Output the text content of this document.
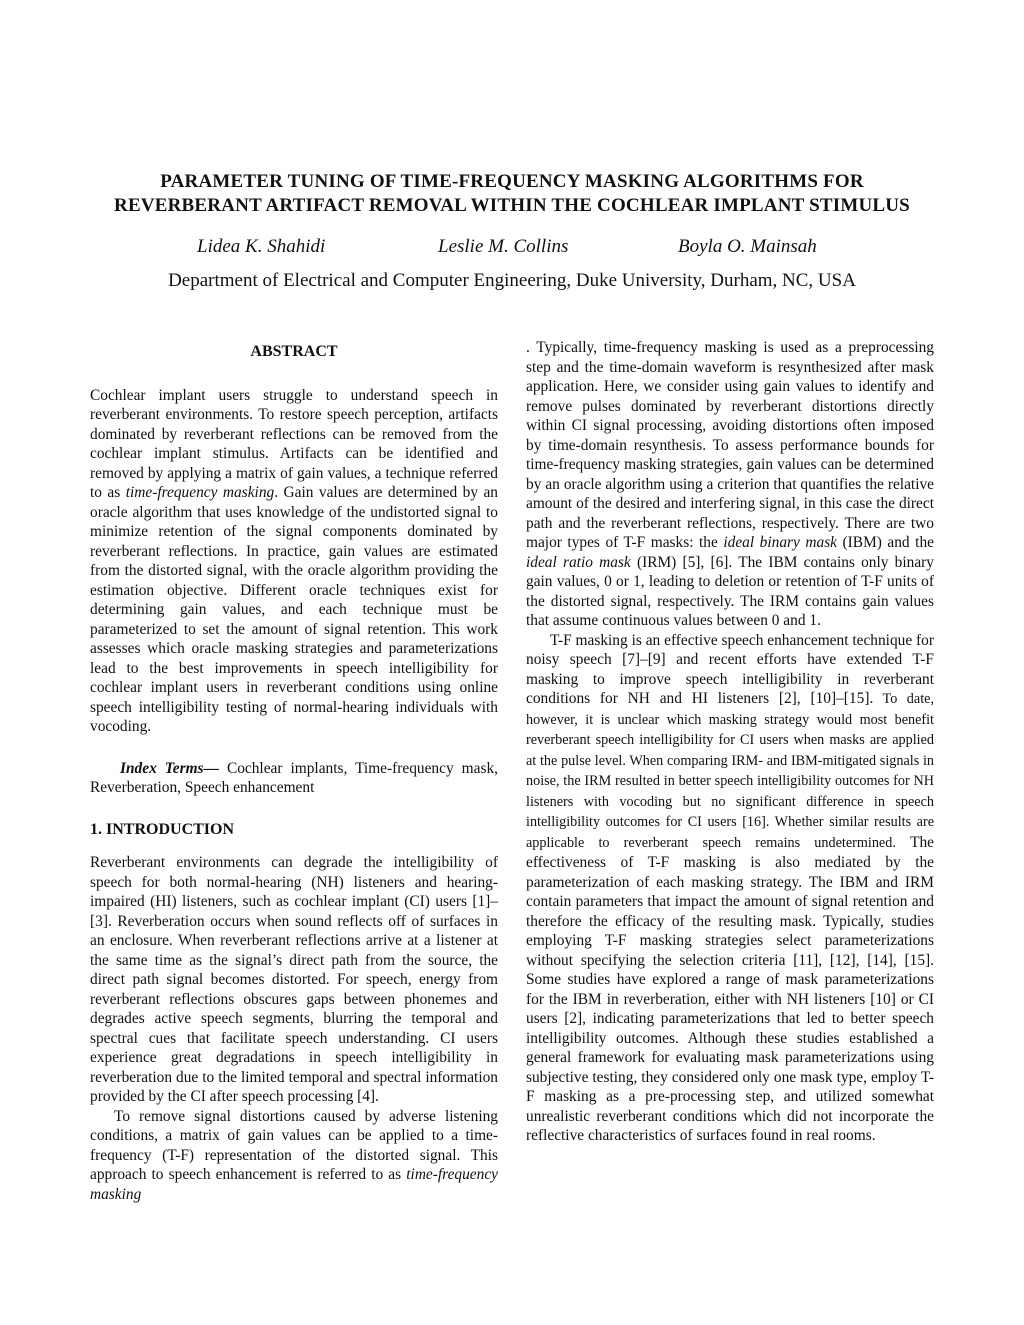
PARAMETER TUNING OF TIME-FREQUENCY MASKING ALGORITHMS FOR
REVERBERANT ARTIFACT REMOVAL WITHIN THE COCHLEAR IMPLANT STIMULUS
Lidea K. Shahidi	Leslie M. Collins	Boyla O. Mainsah
Department of Electrical and Computer Engineering, Duke University, Durham, NC, USA
ABSTRACT

Cochlear implant users struggle to understand speech in reverberant environments. To restore speech perception, artifacts dominated by reverberant reflections can be removed from the cochlear implant stimulus. Artifacts can be identified and removed by applying a matrix of gain values, a technique referred to as time-frequency masking. Gain values are determined by an oracle algorithm that uses knowledge of the undistorted signal to minimize retention of the signal components dominated by reverberant reflections. In practice, gain values are estimated from the distorted signal, with the oracle algorithm providing the estimation objective. Different oracle techniques exist for determining gain values, and each technique must be parameterized to set the amount of signal retention. This work assesses which oracle masking strategies and parameterizations lead to the best improvements in speech intelligibility for cochlear implant users in reverberant conditions using online speech intelligibility testing of normal-hearing individuals with vocoding.

Index Terms— Cochlear implants, Time-frequency mask, Reverberation, Speech enhancement

1. INTRODUCTION

Reverberant environments can degrade the intelligibility of speech for both normal-hearing (NH) listeners and hearing-impaired (HI) listeners, such as cochlear implant (CI) users [1]–[3]. Reverberation occurs when sound reflects off of surfaces in an enclosure. When reverberant reflections arrive at a listener at the same time as the signal’s direct path from the source, the direct path signal becomes distorted. For speech, energy from reverberant reflections obscures gaps between phonemes and degrades active speech segments, blurring the temporal and spectral cues that facilitate speech understanding. CI users experience great degradations in speech intelligibility in reverberation due to the limited temporal and spectral information provided by the CI after speech processing [4].

To remove signal distortions caused by adverse listening conditions, a matrix of gain values can be applied to a time-frequency (T-F) representation of the distorted signal. This approach to speech enhancement is referred to as time-frequency masking

. Typically, time-frequency masking is used as a preprocessing step and the time-domain waveform is resynthesized after mask application. Here, we consider using gain values to identify and remove pulses dominated by reverberant distortions directly within CI signal processing, avoiding distortions often imposed by time-domain resynthesis. To assess performance bounds for time-frequency masking strategies, gain values can be determined by an oracle algorithm using a criterion that quantifies the relative amount of the desired and interfering signal, in this case the direct path and the reverberant reflections, respectively. There are two major types of T-F masks: the ideal binary mask (IBM) and the ideal ratio mask (IRM) [5], [6]. The IBM contains only binary gain values, 0 or 1, leading to deletion or retention of T-F units of the distorted signal, respectively. The IRM contains gain values that assume continuous values between 0 and 1.

T-F masking is an effective speech enhancement technique for noisy speech [7]–[9] and recent efforts have extended T-F masking to improve speech intelligibility in reverberant conditions for NH and HI listeners [2], [10]–[15]. To date, however, it is unclear which masking strategy would most benefit reverberant speech intelligibility for CI users when masks are applied at the pulse level. When comparing IRM- and IBM-mitigated signals in noise, the IRM resulted in better speech intelligibility outcomes for NH listeners with vocoding but no significant difference in speech intelligibility outcomes for CI users [16]. Whether similar results are applicable to reverberant speech remains undetermined. The effectiveness of T-F masking is also mediated by the parameterization of each masking strategy. The IBM and IRM contain parameters that impact the amount of signal retention and therefore the efficacy of the resulting mask. Typically, studies employing T-F masking strategies select parameterizations without specifying the selection criteria [11], [12], [14], [15]. Some studies have explored a range of mask parameterizations for the IBM in reverberation, either with NH listeners [10] or CI users [2], indicating parameterizations that led to better speech intelligibility outcomes. Although these studies established a general framework for evaluating mask parameterizations using subjective testing, they considered only one mask type, employ T-F masking as a pre-processing step, and utilized somewhat unrealistic reverberant conditions which did not incorporate the reflective characteristics of surfaces found in real rooms.
